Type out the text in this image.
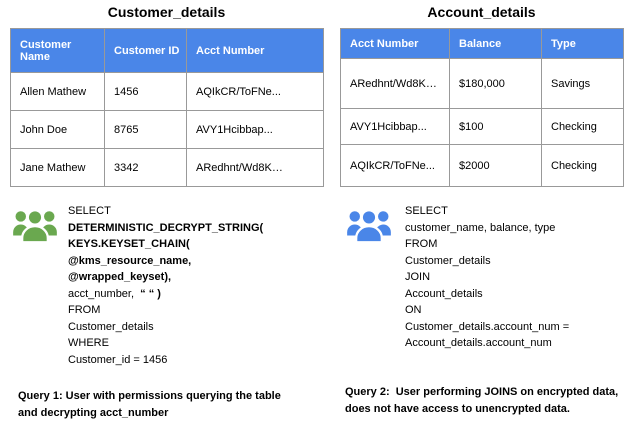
Customer_details
Customer Name	Customer ID	Acct Number
Allen Mathew	1456	AQIkCR/ToFNe...
John Doe	8765	AVY1Hcibbap...
Jane Mathew	3342	ARedhnt/Wd8K…
SELECT
DETERMINISTIC_DECRYPT_STRING(
KEYS.KEYSET_CHAIN(
@kms_resource_name,
@wrapped_keyset),
acct_number,  “ “ )
FROM
Customer_details
WHERE
Customer_id = 1456

Query 1: User with permissions querying the table and decrypting acct_number

Account_details
Acct Number	Balance	Type
ARedhnt/Wd8K…	$180,000	Savings
AVY1Hcibbap...	$100	Checking
AQIkCR/ToFNe...	$2000	Checking
SELECT
customer_name, balance, type
FROM
Customer_details
JOIN
Account_details
ON
Customer_details.account_num =
Account_details.account_num

Query 2:  User performing JOINS on encrypted data, does not have access to unencrypted data.
